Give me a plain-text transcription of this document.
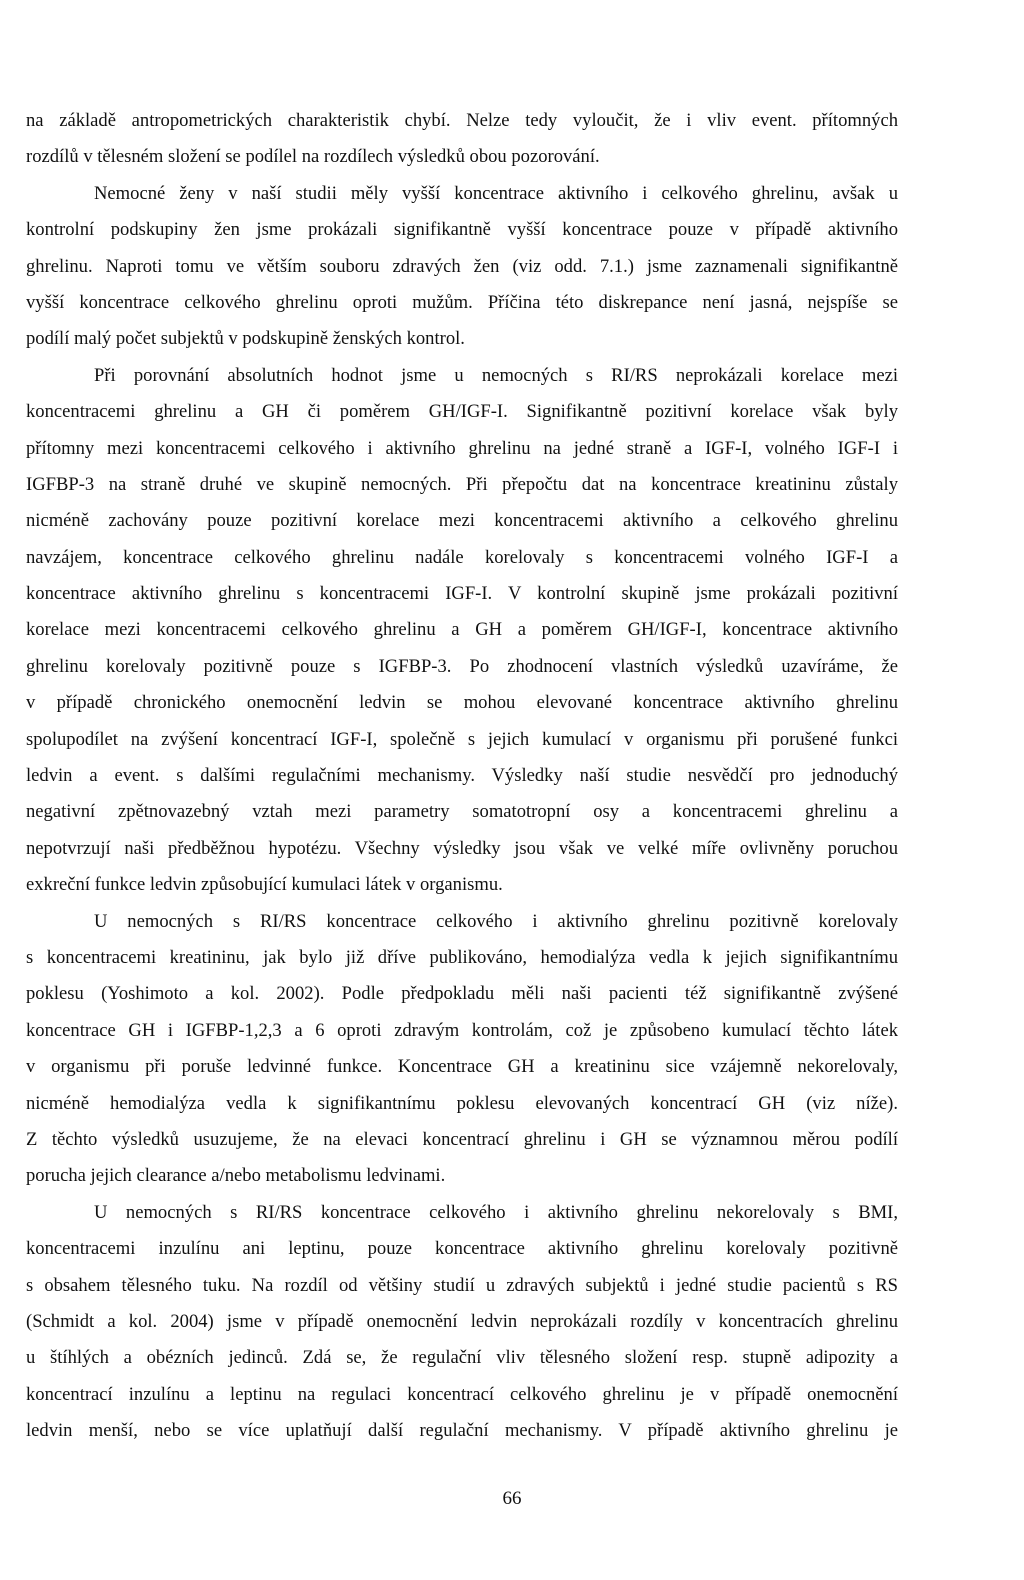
na základě antropometrických charakteristik chybí. Nelze tedy vyloučit, že i vliv event. přítomných
rozdílů v tělesném složení se podílel na rozdílech výsledků obou pozorování.
Nemocné ženy v naší studii měly vyšší koncentrace aktivního i celkového ghrelinu, avšak u
kontrolní podskupiny žen jsme prokázali signifikantně vyšší koncentrace pouze v případě aktivního
ghrelinu. Naproti tomu ve větším souboru zdravých žen (viz odd. 7.1.) jsme zaznamenali signifikantně
vyšší koncentrace celkového ghrelinu oproti mužům. Příčina této diskrepance není jasná, nejspíše se
podílí malý počet subjektů v podskupině ženských kontrol.
Při porovnání absolutních hodnot jsme u nemocných s RI/RS neprokázali korelace mezi
koncentracemi ghrelinu a GH či poměrem GH/IGF-I. Signifikantně pozitivní korelace však byly
přítomny mezi koncentracemi celkového i aktivního ghrelinu na jedné straně a IGF-I, volného IGF-I i
IGFBP-3 na straně druhé ve skupině nemocných. Při přepočtu dat na koncentrace kreatininu zůstaly
nicméně zachovány pouze pozitivní korelace mezi koncentracemi aktivního a celkového ghrelinu
navzájem, koncentrace celkového ghrelinu nadále korelovaly s koncentracemi volného IGF-I a
koncentrace aktivního ghrelinu s koncentracemi IGF-I. V kontrolní skupině jsme prokázali pozitivní
korelace mezi koncentracemi celkového ghrelinu a GH a poměrem GH/IGF-I, koncentrace aktivního
ghrelinu korelovaly pozitivně pouze s IGFBP-3. Po zhodnocení vlastních výsledků uzavíráme, že
v případě chronického onemocnění ledvin se mohou elevované koncentrace aktivního ghrelinu
spolupodílet na zvýšení koncentrací IGF-I, společně s jejich kumulací v organismu při porušené funkci
ledvin a event. s dalšími regulačními mechanismy. Výsledky naší studie nesvědčí pro jednoduchý
negativní zpětnovazebný vztah mezi parametry somatotropní osy a koncentracemi ghrelinu a
nepotvrzují naši předběžnou hypotézu. Všechny výsledky jsou však ve velké míře ovlivněny poruchou
exkreční funkce ledvin způsobující kumulaci látek v organismu.
U nemocných s RI/RS koncentrace celkového i aktivního ghrelinu pozitivně korelovaly
s koncentracemi kreatininu, jak bylo již dříve publikováno, hemodialýza vedla k jejich signifikantnímu
poklesu (Yoshimoto a kol. 2002). Podle předpokladu měli naši pacienti též signifikantně zvýšené
koncentrace GH i IGFBP-1,2,3 a 6 oproti zdravým kontrolám, což je způsobeno kumulací těchto látek
v organismu při poruše ledvinné funkce. Koncentrace GH a kreatininu sice vzájemně nekorelovaly,
nicméně hemodialýza vedla k signifikantnímu poklesu elevovaných koncentrací GH (viz níže).
Z těchto výsledků usuzujeme, že na elevaci koncentrací ghrelinu i GH se významnou měrou podílí
porucha jejich clearance a/nebo metabolismu ledvinami.
U nemocných s RI/RS koncentrace celkového i aktivního ghrelinu nekorelovaly s BMI,
koncentracemi inzulínu ani leptinu, pouze koncentrace aktivního ghrelinu korelovaly pozitivně
s obsahem tělesného tuku. Na rozdíl od většiny studií u zdravých subjektů i jedné studie pacientů s RS
(Schmidt a kol. 2004) jsme v případě onemocnění ledvin neprokázali rozdíly v koncentracích ghrelinu
u štíhlých a obézních jedinců. Zdá se, že regulační vliv tělesného složení resp. stupně adipozity a
koncentrací inzulínu a leptinu na regulaci koncentrací celkového ghrelinu je v případě onemocnění
ledvin menší, nebo se více uplatňují další regulační mechanismy. V případě aktivního ghrelinu je
66
